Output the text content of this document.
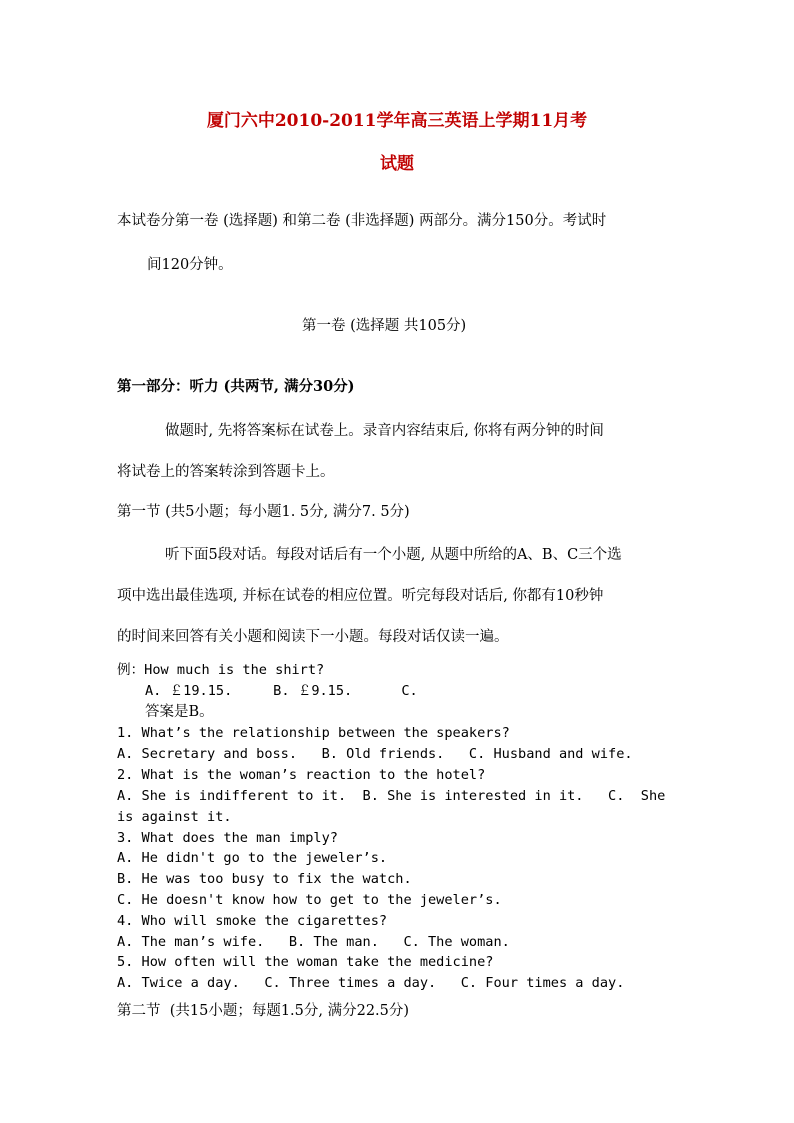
厦门六中2010-2011学年高三英语上学期11月考
试题
本试卷分第一卷 (选择题) 和第二卷 (非选择题) 两部分。满分150分。考试时
间120分钟。
第一卷 (选择题 共105分)
第一部分：听力 (共两节, 满分30分)
做题时, 先将答案标在试卷上。录音内容结束后, 你将有两分钟的时间
将试卷上的答案转涂到答题卡上。
第一节 (共5小题；每小题1. 5分, 满分7. 5分)
听下面5段对话。每段对话后有一个小题, 从题中所给的A、B、C三个选
项中选出最佳选项, 并标在试卷的相应位置。听完每段对话后, 你都有10秒钟
的时间来回答有关小题和阅读下一小题。每段对话仅读一遍。
例：How much is the shirt?
A. ￡19.15.     B. ￡9.15.      C.
答案是B。
1. What’s the relationship between the speakers?
A. Secretary and boss.   B. Old friends.   C. Husband and wife.
2. What is the woman’s reaction to the hotel?
A. She is indifferent to it.  B. She is interested in it.   C.  She
is against it.
3. What does the man imply?
A. He didn't go to the jeweler’s.
B. He was too busy to fix the watch.
C. He doesn't know how to get to the jeweler’s.
4. Who will smoke the cigarettes?
A. The man’s wife.   B. The man.   C. The woman.
5. How often will the woman take the medicine?
A. Twice a day.   C. Three times a day.   C. Four times a day.
第二节  (共15小题；每题1.5分, 满分22.5分)
